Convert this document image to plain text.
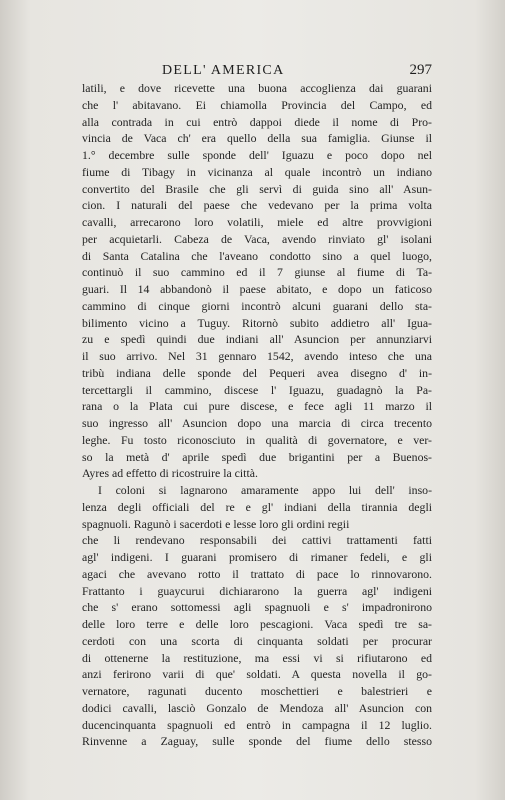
DELL' AMERICA	297
latili, e dove ricevette una buona accoglienza dai guarani
che l' abitavano. Ei chiamolla Provincia del Campo, ed
alla contrada in cui entrò dappoi diede il nome di Pro-
vincia de Vaca ch' era quello della sua famiglia. Giunse il
1.° decembre sulle sponde dell' Iguazu e poco dopo nel
fiume di Tibagy in vicinanza al quale incontrò un indiano
convertito del Brasile che gli servì di guida sino all' Asun-
cion. I naturali del paese che vedevano per la prima volta
cavalli, arrecarono loro volatili, miele ed altre provvigioni
per acquietarli. Cabeza de Vaca, avendo rinviato gl' isolani
di Santa Catalina che l'aveano condotto sino a quel luogo,
continuò il suo cammino ed il 7 giunse al fiume di Ta-
guari. Il 14 abbandonò il paese abitato, e dopo un faticoso
cammino di cinque giorni incontrò alcuni guarani dello sta-
bilimento vicino a Tuguy. Ritornò subito addietro all' Igua-
zu e spedì quindi due indiani all' Asuncion per annunziarvi
il suo arrivo. Nel 31 gennaro 1542, avendo inteso che una
tribù indiana delle sponde del Pequeri avea disegno d' in-
tercettargli il cammino, discese l' Iguazu, guadagnò la Pa-
rana o la Plata cui pure discese, e fece agli 11 marzo il
suo ingresso all' Asuncion dopo una marcia di circa trecento
leghe. Fu tosto riconosciuto in qualità di governatore, e ver-
so la metà d' aprile spedì due brigantini per a Buenos-
Ayres ad effetto di ricostruire la città.
I coloni si lagnarono amaramente appo lui dell' inso-
lenza degli officiali del re e gl' indiani della tirannia degli
spagnuoli. Ragunò i sacerdoti e lesse loro gli ordini regii
che li rendevano responsabili dei cattivi trattamenti fatti
agl' indigeni. I guarani promisero di rimaner fedeli, e gli
agaci che avevano rotto il trattato di pace lo rinnovarono.
Frattanto i guaycurui dichiararono la guerra agl' indigeni
che s' erano sottomessi agli spagnuoli e s' impadronirono
delle loro terre e delle loro pescagioni. Vaca spedì tre sa-
cerdoti con una scorta di cinquanta soldati per procurar
di ottenerne la restituzione, ma essi vi si rifiutarono ed
anzi ferirono varii di que' soldati. A questa novella il go-
vernatore, ragunati ducento moschettieri e balestrieri e
dodici cavalli, lasciò Gonzalo de Mendoza all' Asuncion con
ducencinquanta spagnuoli ed entrò in campagna il 12 luglio.
Rinvenne a Zaguay, sulle sponde del fiume dello stesso
